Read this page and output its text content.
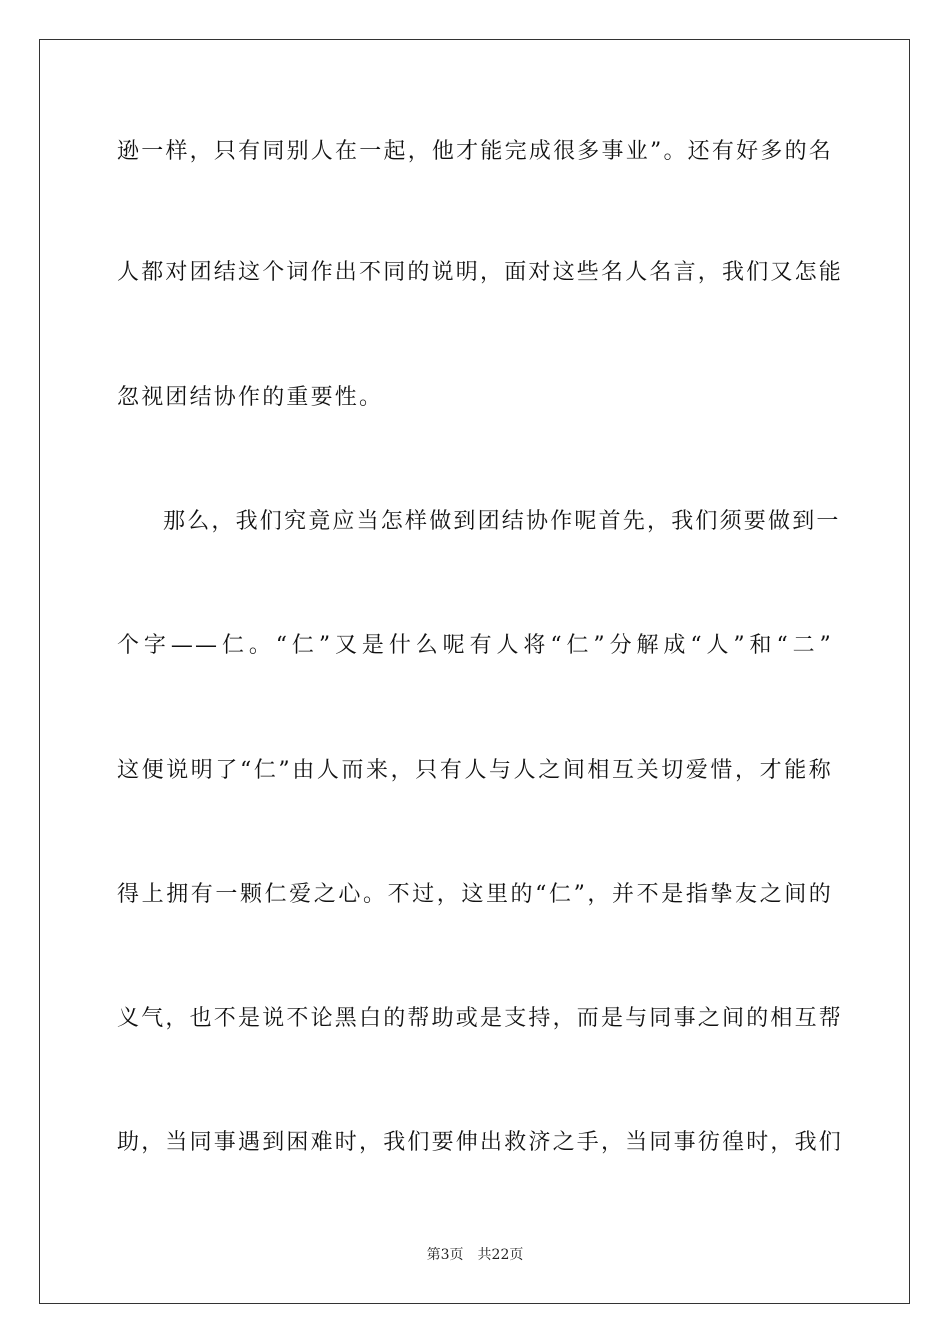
逊一样，只有同别人在一起，他才能完成很多事业”。还有好多的名
人都对团结这个词作出不同的说明，面对这些名人名言，我们又怎能
忽视团结协作的重要性。
那么，我们究竟应当怎样做到团结协作呢首先，我们须要做到一
个字——仁。“仁”又是什么呢有人将“仁”分解成“人”和“二”
这便说明了“仁”由人而来，只有人与人之间相互关切爱惜，才能称
得上拥有一颗仁爱之心。不过，这里的“仁”，并不是指挚友之间的
义气，也不是说不论黑白的帮助或是支持，而是与同事之间的相互帮
助，当同事遇到困难时，我们要伸出救济之手，当同事彷徨时，我们
第3页　共22页
